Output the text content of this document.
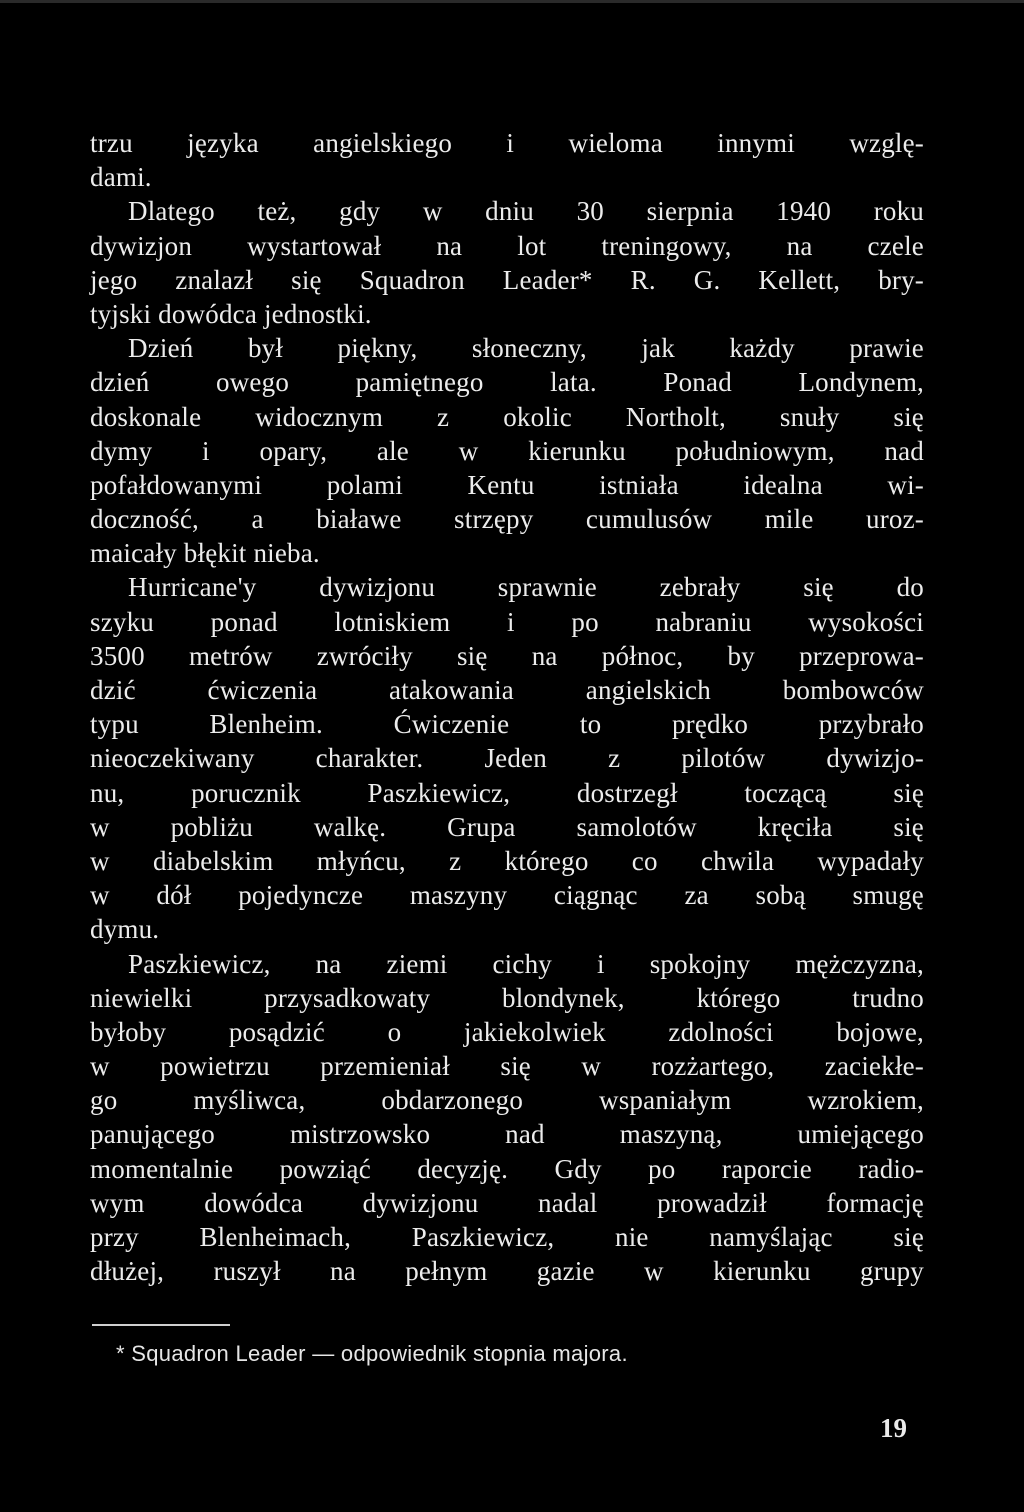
trzu języka angielskiego i wieloma innymi wzglę-
dami.
Dlatego też, gdy w dniu 30 sierpnia 1940 roku
dywizjon wystartował na lot treningowy, na czele
jego znalazł się Squadron Leader* R. G. Kellett, bry-
tyjski dowódca jednostki.
Dzień był piękny, słoneczny, jak każdy prawie
dzień owego pamiętnego lata. Ponad Londynem,
doskonale widocznym z okolic Northolt, snuły się
dymy i opary, ale w kierunku południowym, nad
pofałdowanymi polami Kentu istniała idealna wi-
doczność, a białawe strzępy cumulusów mile uroz-
maicały błękit nieba.
Hurricane'y dywizjonu sprawnie zebrały się do
szyku ponad lotniskiem i po nabraniu wysokości
3500 metrów zwróciły się na północ, by przeprowa-
dzić ćwiczenia atakowania angielskich bombowców
typu Blenheim. Ćwiczenie to prędko przybrało
nieoczekiwany charakter. Jeden z pilotów dywizjo-
nu, porucznik Paszkiewicz, dostrzegł toczącą się
w pobliżu walkę. Grupa samolotów kręciła się
w diabelskim młyńcu, z którego co chwila wypadały
w dół pojedyncze maszyny ciągnąc za sobą smugę
dymu.
Paszkiewicz, na ziemi cichy i spokojny mężczyzna,
niewielki przysadkowaty blondynek, którego trudno
byłoby posądzić o jakiekolwiek zdolności bojowe,
w powietrzu przemieniał się w rozżartego, zaciekłe-
go myśliwca, obdarzonego wspaniałym wzrokiem,
panującego mistrzowsko nad maszyną, umiejącego
momentalnie powziąć decyzję. Gdy po raporcie radio-
wym dowódca dywizjonu nadal prowadził formację
przy Blenheimach, Paszkiewicz, nie namyślając się
dłużej, ruszył na pełnym gazie w kierunku grupy
* Squadron Leader — odpowiednik stopnia majora.
19
